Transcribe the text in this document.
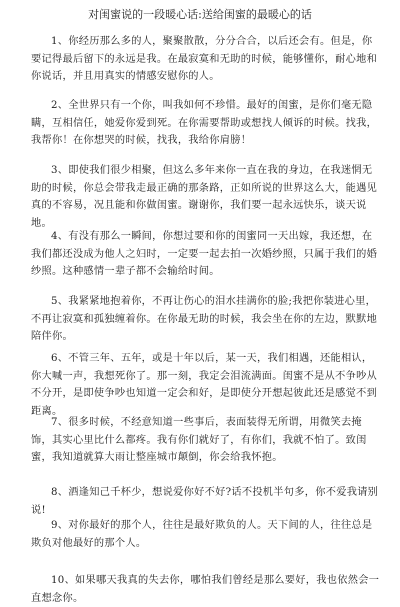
对闺蜜说的一段暖心话:送给闺蜜的最暖心的话

1、你经历那么多的人，聚聚散散，分分合合，以后还会有。但是，你要记得最后留下的永远是我。在最寂寞和无助的时候，能够懂你，耐心地和你说话，并且用真实的情感安慰你的人。

2、全世界只有一个你，叫我如何不珍惜。最好的闺蜜，是你们毫无隐瞒，互相信任，她爱你爱到死。在你需要帮助或想找人倾诉的时候。找我，我帮你！在你想哭的时候，找我，我给你肩膀！

3、即使我们很少相聚，但这么多年来你一直在我的身边，在我迷惘无助的时候，你总会带我走最正确的那条路，正如所说的世界这么大，能遇见真的不容易，况且能和你做闺蜜。谢谢你，我们要一起永远快乐，谈天说地。

4、有没有那么一瞬间，你想过要和你的闺蜜同一天出嫁，我还想，在我们都还没成为他人之妇时，一定要一起去拍一次婚纱照，只属于我们的婚纱照。这种感情一辈子都不会输给时间。

5、我紧紧地抱着你，不再让伤心的泪水挂满你的脸;我把你装进心里，不再让寂寞和孤独缠着你。在你最无助的时候，我会坐在你的左边，默默地陪伴你。

6、不管三年、五年，或是十年以后，某一天，我们相遇，还能相认，你大喊一声，我想死你了。那一刻，我定会泪流满面。闺蜜不是从不争吵从不分开，是即使争吵也知道一定会和好，是即使分开想起彼此还是感觉不到距离。

7、很多时候，不经意知道一些事后，表面装得无所谓，用微笑去掩饰，其实心里比什么都疼。我有你们就好了，有你们，我就不怕了。致闺蜜，我知道就算大雨让整座城市颠倒，你会给我怀抱。

8、酒逢知己千杯少，想说爱你好不好?话不投机半句多，你不爱我请别说!

9、对你最好的那个人，往往是最好欺负的人。天下间的人，往往总是欺负对他最好的那个人。

10、如果哪天我真的失去你，哪怕我们曾经是那么要好，我也依然会一直想念你。
